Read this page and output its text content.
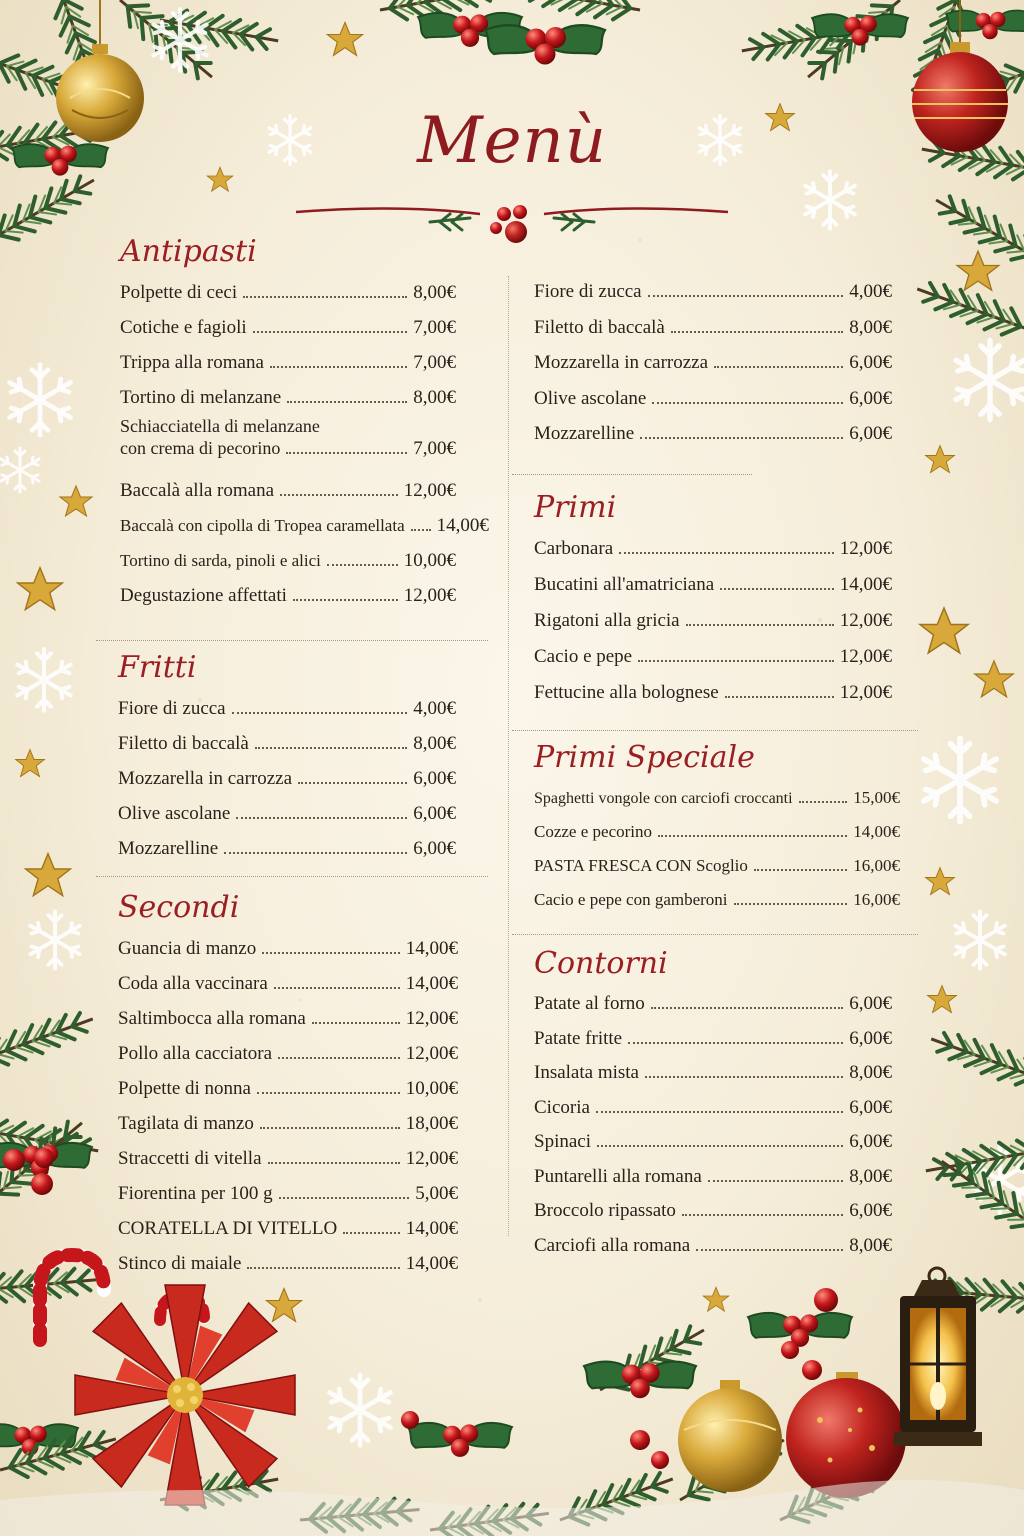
Menù
Antipasti
Polpette di ceci	8,00€
Cotiche e fagioli	7,00€
Trippa alla romana	7,00€
Tortino di melanzane	8,00€
Schiacciatella di melanzane
con crema di pecorino	7,00€
Baccalà alla romana	12,00€
Baccalà con cipolla di Tropea caramellata 14,00€
Tortino di sarda, pinoli e alici	10,00€
Degustazione affettati	12,00€
Fritti
Fiore di zucca	4,00€
Filetto di baccalà	8,00€
Mozzarella in carrozza	6,00€
Olive ascolane	6,00€
Mozzarelline	6,00€
Secondi
Guancia di manzo	14,00€
Coda alla vaccinara	14,00€
Saltimbocca alla romana	12,00€
Pollo alla cacciatora	12,00€
Polpette di nonna	10,00€
Tagilata di manzo	18,00€
Straccetti di vitella	12,00€
Fiorentina per 100 g	5,00€
CORATELLA DI VITELLO	14,00€
Stinco di maiale	14,00€
Fiore di zucca	4,00€
Filetto di baccalà	8,00€
Mozzarella in carrozza	6,00€
Olive ascolane	6,00€
Mozzarelline	6,00€
Primi
Carbonara	12,00€
Bucatini all'amatriciana	14,00€
Rigatoni alla gricia	12,00€
Cacio e pepe	12,00€
Fettucine alla bolognese	12,00€
Primi Speciale
Spaghetti vongole con carciofi croccanti	15,00€
Cozze e pecorino	14,00€
PASTA FRESCA CON Scoglio	16,00€
Cacio e pepe con gamberoni	16,00€
Contorni
Patate al forno	6,00€
Patate fritte	6,00€
Insalata mista	8,00€
Cicoria	6,00€
Spinaci	6,00€
Puntarelli alla romana	8,00€
Broccolo ripassato	6,00€
Carciofi alla romana	8,00€
